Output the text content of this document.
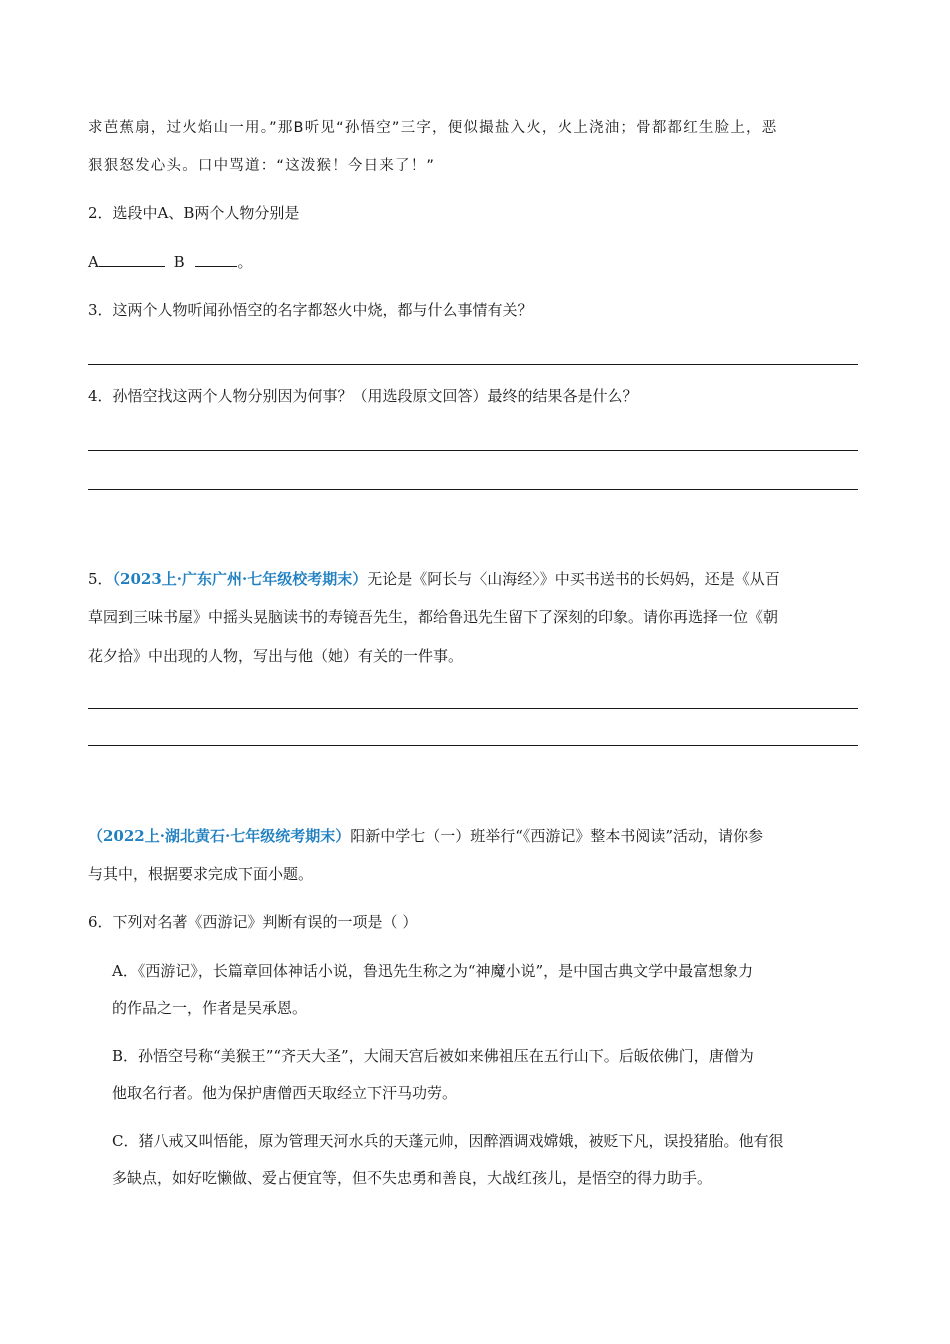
求芭蕉扇，过火焰山一用。”那B听见“孙悟空”三字，便似撮盐入火，火上浇油；骨都都红生脸上，恶
狠狠怒发心头。口中骂道：“这泼猴！今日来了！”
2．选段中A、B两个人物分别是
A	B	。
3．这两个人物听闻孙悟空的名字都怒火中烧，都与什么事情有关？
4．孙悟空找这两个人物分别因为何事？（用选段原文回答）最终的结果各是什么？
5．（2023上·广东广州·七年级校考期末）无论是《阿长与〈山海经〉》中买书送书的长妈妈，还是《从百
草园到三味书屋》中摇头晃脑读书的寿镜吾先生，都给鲁迅先生留下了深刻的印象。请你再选择一位《朝
花夕拾》中出现的人物，写出与他（她）有关的一件事。
（2022上·湖北黄石·七年级统考期末）阳新中学七（一）班举行“《西游记》整本书阅读”活动，请你参
与其中，根据要求完成下面小题。
6．下列对名著《西游记》判断有误的一项是（ ）
A．《西游记》，长篇章回体神话小说，鲁迅先生称之为“神魔小说”，是中国古典文学中最富想象力
的作品之一，作者是吴承恩。
B．孙悟空号称“美猴王”“齐天大圣”，大闹天宫后被如来佛祖压在五行山下。后皈依佛门，唐僧为
他取名行者。他为保护唐僧西天取经立下汗马功劳。
C．猪八戒又叫悟能，原为管理天河水兵的天蓬元帅，因醉酒调戏嫦娥，被贬下凡，误投猪胎。他有很
多缺点，如好吃懒做、爱占便宜等，但不失忠勇和善良，大战红孩儿，是悟空的得力助手。
